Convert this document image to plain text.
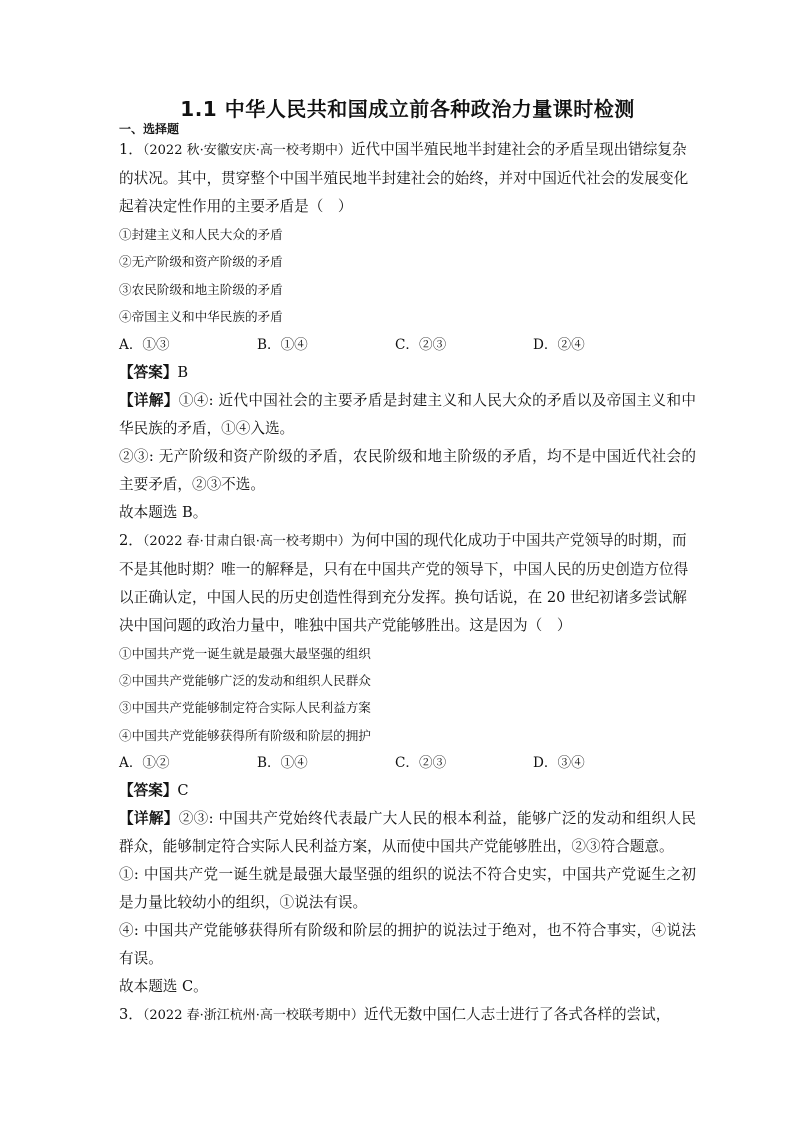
1.1 中华人民共和国成立前各种政治力量课时检测
一、选择题

1．（2022 秋·安徽安庆·高一校考期中）近代中国半殖民地半封建社会的矛盾呈现出错综复杂的状况。其中，贯穿整个中国半殖民地半封建社会的始终，并对中国近代社会的发展变化起着决定性作用的主要矛盾是（　）

①封建主义和人民大众的矛盾

②无产阶级和资产阶级的矛盾

③农民阶级和地主阶级的矛盾

④帝国主义和中华民族的矛盾

A．①③	B．①④	C．②③	D．②④

【答案】B

【详解】①④: 近代中国社会的主要矛盾是封建主义和人民大众的矛盾以及帝国主义和中华民族的矛盾，①④入选。

②③: 无产阶级和资产阶级的矛盾，农民阶级和地主阶级的矛盾，均不是中国近代社会的主要矛盾，②③不选。

故本题选 B。

2．（2022 春·甘肃白银·高一校考期中）为何中国的现代化成功于中国共产党领导的时期，而不是其他时期？唯一的解释是，只有在中国共产党的领导下，中国人民的历史创造方位得以正确认定，中国人民的历史创造性得到充分发挥。换句话说，在 20 世纪初诸多尝试解决中国问题的政治力量中，唯独中国共产党能够胜出。这是因为（　）

①中国共产党一诞生就是最强大最坚强的组织

②中国共产党能够广泛的发动和组织人民群众

③中国共产党能够制定符合实际人民利益方案

④中国共产党能够获得所有阶级和阶层的拥护

A．①②	B．①④	C．②③	D．③④

【答案】C

【详解】②③: 中国共产党始终代表最广大人民的根本利益，能够广泛的发动和组织人民群众，能够制定符合实际人民利益方案，从而使中国共产党能够胜出，②③符合题意。

①: 中国共产党一诞生就是最强大最坚强的组织的说法不符合史实，中国共产党诞生之初是力量比较幼小的组织，①说法有误。

④: 中国共产党能够获得所有阶级和阶层的拥护的说法过于绝对，也不符合事实，④说法有误。

故本题选 C。

3．（2022 春·浙江杭州·高一校联考期中）近代无数中国仁人志士进行了各式各样的尝试，
